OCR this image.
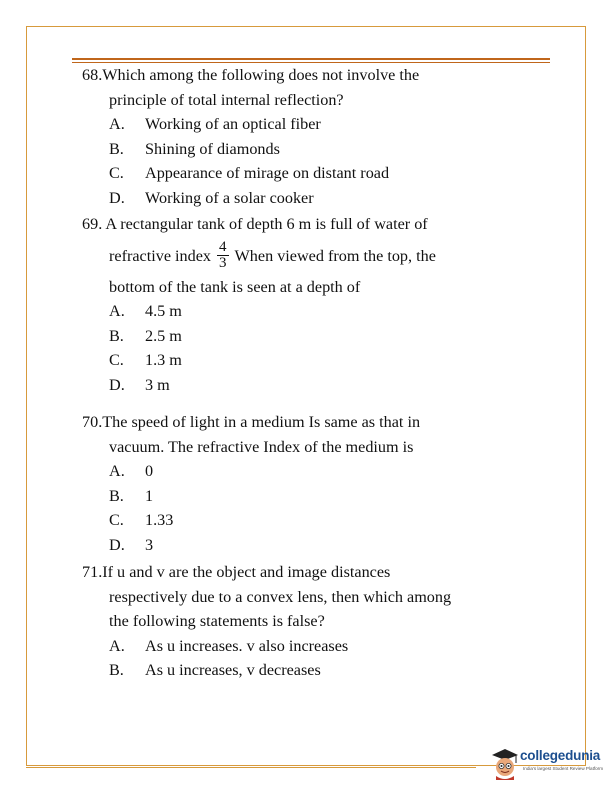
68.Which among the following does not involve the
principle of total internal reflection?
A. Working of an optical fiber
B. Shining of diamonds
C. Appearance of mirage on distant road
D. Working of a solar cooker
69. A rectangular tank of depth 6 m is full of water of
refractive index $\frac{4}{3}$ When viewed from the top, the
bottom of the tank is seen at a depth of
A. 4.5 m
B. 2.5 m
C. 1.3 m
D. 3 m
70.The speed of light in a medium Is same as that in
vacuum. The refractive Index of the medium is
A. 0
B. 1
C. 1.33
D. 3
71.If u and v are the object and image distances
respectively due to a convex lens, then which among
the following statements is false?
A. As u increases. v also increases
B. As u increases, v decreases
collegedunia
India's largest Student Review Platform
